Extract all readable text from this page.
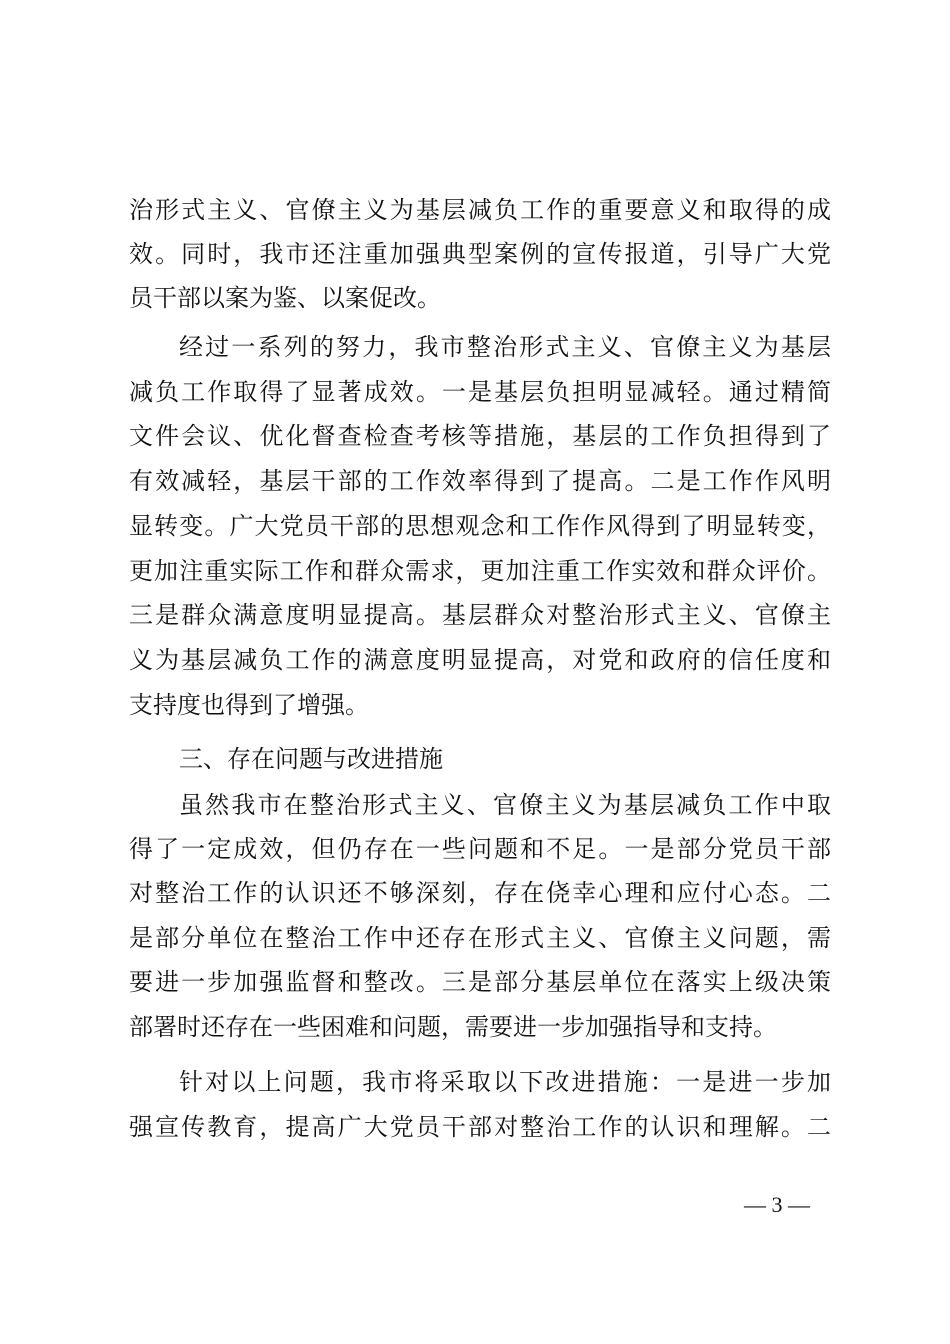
治形式主义、官僚主义为基层减负工作的重要意义和取得的成
效。同时，我市还注重加强典型案例的宣传报道，引导广大党
员干部以案为鉴、以案促改。
经过一系列的努力，我市整治形式主义、官僚主义为基层
减负工作取得了显著成效。一是基层负担明显减轻。通过精简
文件会议、优化督查检查考核等措施，基层的工作负担得到了
有效减轻，基层干部的工作效率得到了提高。二是工作作风明
显转变。广大党员干部的思想观念和工作作风得到了明显转变，
更加注重实际工作和群众需求，更加注重工作实效和群众评价。
三是群众满意度明显提高。基层群众对整治形式主义、官僚主
义为基层减负工作的满意度明显提高，对党和政府的信任度和
支持度也得到了增强。
三、存在问题与改进措施
虽然我市在整治形式主义、官僚主义为基层减负工作中取
得了一定成效，但仍存在一些问题和不足。一是部分党员干部
对整治工作的认识还不够深刻，存在侥幸心理和应付心态。二
是部分单位在整治工作中还存在形式主义、官僚主义问题，需
要进一步加强监督和整改。三是部分基层单位在落实上级决策
部署时还存在一些困难和问题，需要进一步加强指导和支持。
针对以上问题，我市将采取以下改进措施：一是进一步加
强宣传教育，提高广大党员干部对整治工作的认识和理解。二
— 3 —
